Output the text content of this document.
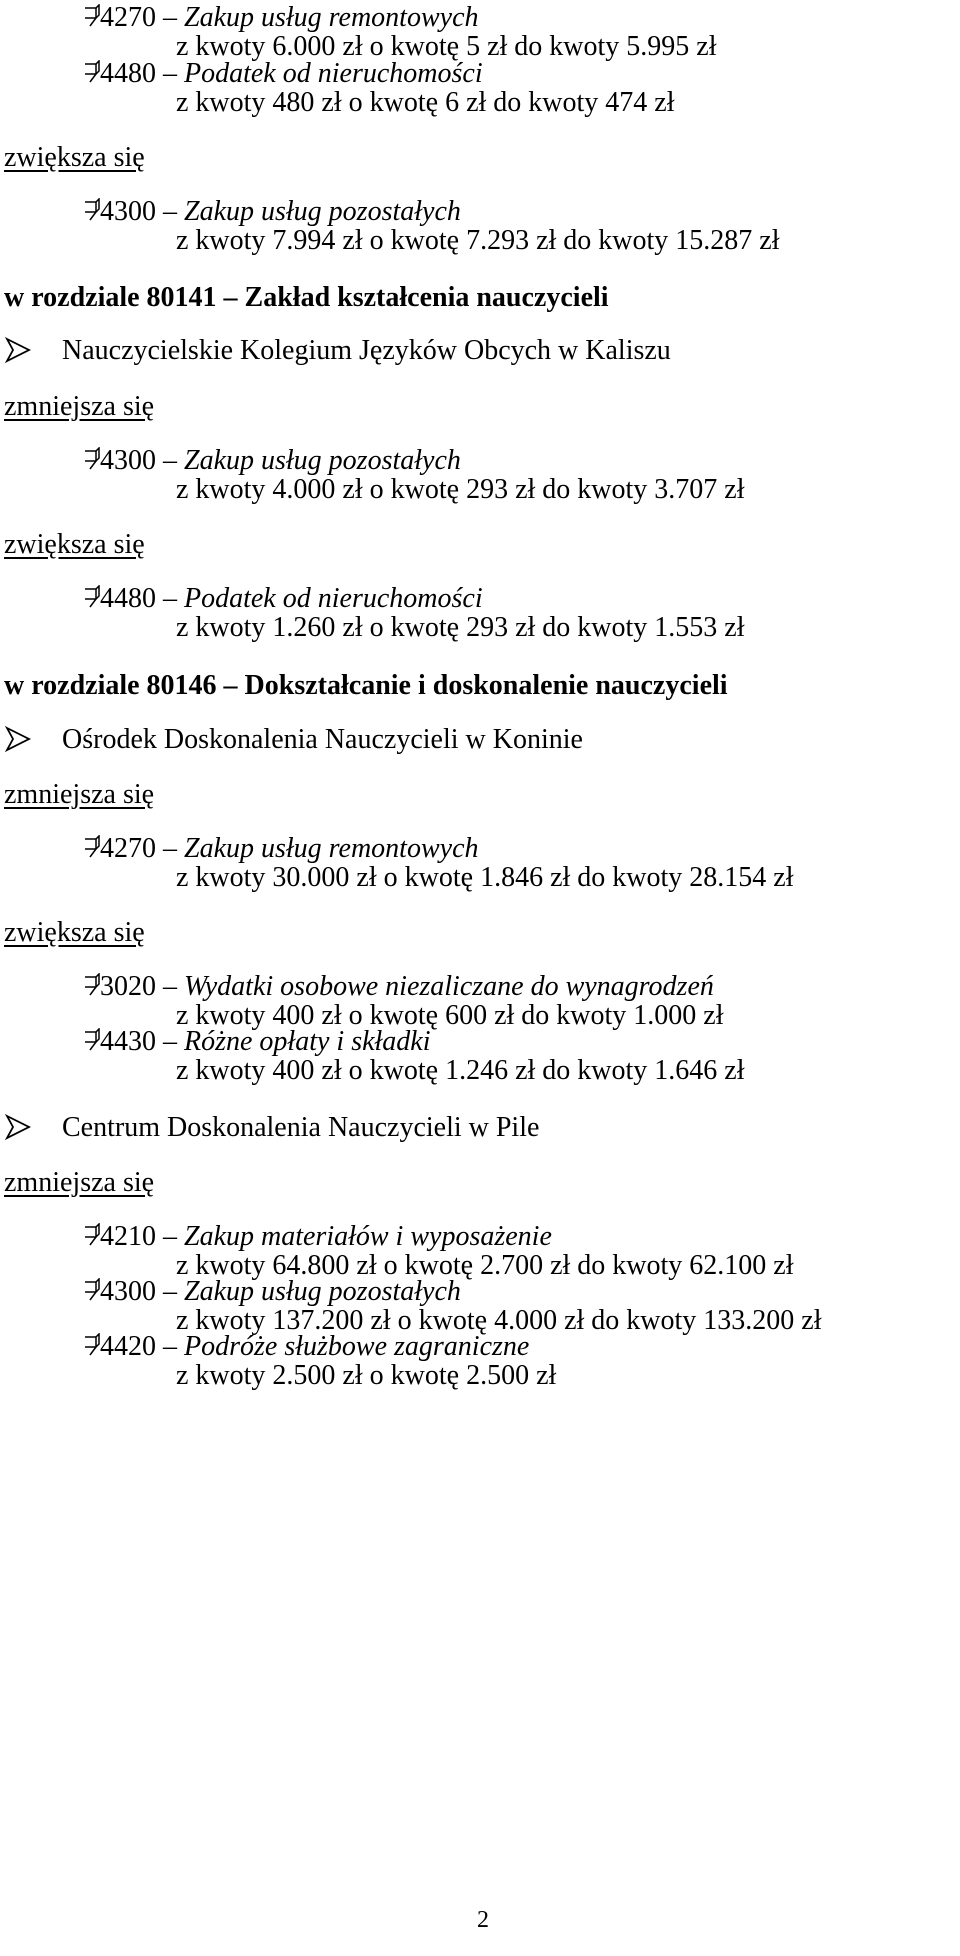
4270 – Zakup usług remontowych
z kwoty 6.000 zł o kwotę 5 zł do kwoty 5.995 zł
4480 – Podatek od nieruchomości
z kwoty 480 zł o kwotę 6 zł do kwoty 474 zł
zwiększa się
4300 – Zakup usług pozostałych
z kwoty 7.994 zł o kwotę 7.293 zł do kwoty 15.287 zł
w rozdziale 80141 – Zakład kształcenia nauczycieli
Nauczycielskie Kolegium Języków Obcych w Kaliszu
zmniejsza się
4300 – Zakup usług pozostałych
z kwoty 4.000 zł o kwotę 293 zł do kwoty 3.707 zł
zwiększa się
4480 – Podatek od nieruchomości
z kwoty 1.260 zł o kwotę 293 zł do kwoty 1.553 zł
w rozdziale 80146 – Dokształcanie i doskonalenie nauczycieli
Ośrodek Doskonalenia Nauczycieli w Koninie
zmniejsza się
4270 – Zakup usług remontowych
z kwoty 30.000 zł o kwotę 1.846 zł do kwoty 28.154 zł
zwiększa się
3020 – Wydatki osobowe niezaliczane do wynagrodzeń
z kwoty 400 zł o kwotę 600 zł do kwoty 1.000 zł
4430 – Różne opłaty i składki
z kwoty 400 zł o kwotę 1.246 zł do kwoty 1.646 zł
Centrum Doskonalenia Nauczycieli w Pile
zmniejsza się
4210 – Zakup materiałów i wyposażenie
z kwoty 64.800 zł o kwotę 2.700 zł do kwoty 62.100 zł
4300 – Zakup usług pozostałych
z kwoty 137.200 zł o kwotę 4.000 zł do kwoty 133.200 zł
4420 – Podróże służbowe zagraniczne
z kwoty 2.500 zł o kwotę 2.500 zł
2
